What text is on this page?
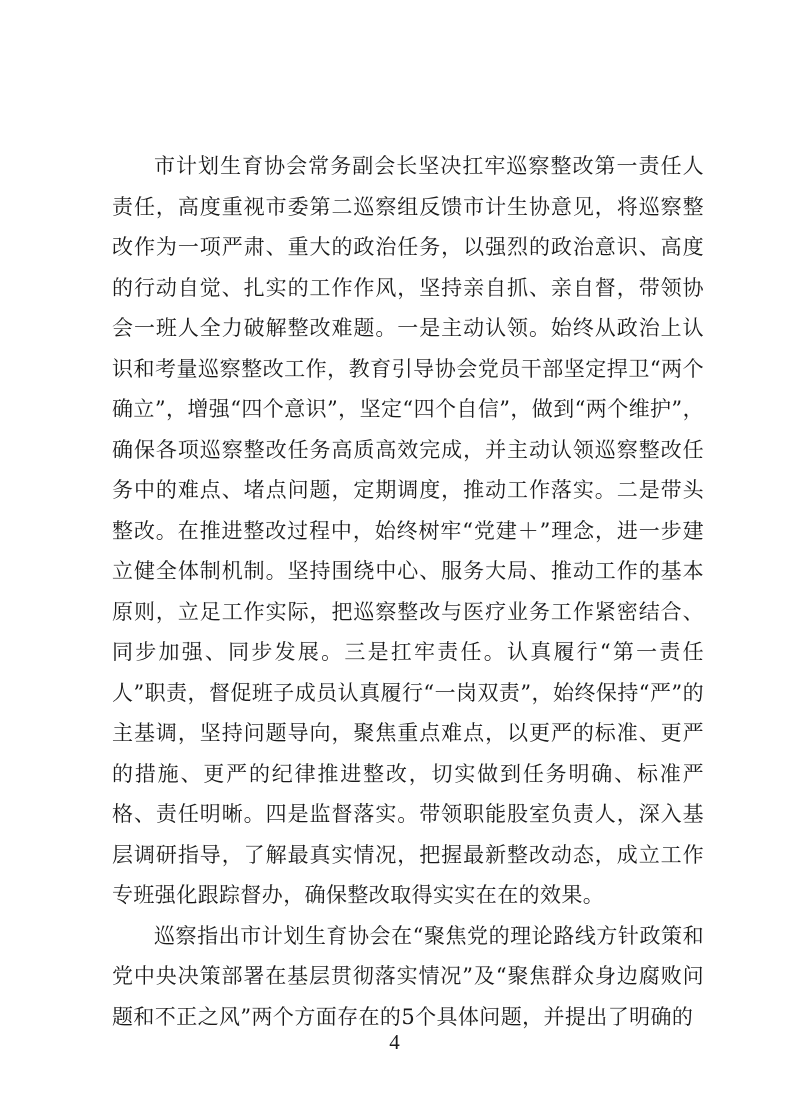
市计划生育协会常务副会长坚决扛牢巡察整改第一责任人责任，高度重视市委第二巡察组反馈市计生协意见，将巡察整改作为一项严肃、重大的政治任务，以强烈的政治意识、高度的行动自觉、扎实的工作作风，坚持亲自抓、亲自督，带领协会一班人全力破解整改难题。一是主动认领。始终从政治上认识和考量巡察整改工作，教育引导协会党员干部坚定捍卫“两个确立”，增强“四个意识”，坚定“四个自信”，做到“两个维护”，确保各项巡察整改任务高质高效完成，并主动认领巡察整改任务中的难点、堵点问题，定期调度，推动工作落实。二是带头整改。在推进整改过程中，始终树牢“党建＋”理念，进一步建立健全体制机制。坚持围绕中心、服务大局、推动工作的基本原则，立足工作实际，把巡察整改与医疗业务工作紧密结合、同步加强、同步发展。三是扛牢责任。认真履行“第一责任人”职责，督促班子成员认真履行“一岗双责”，始终保持“严”的主基调，坚持问题导向，聚焦重点难点，以更严的标准、更严的措施、更严的纪律推进整改，切实做到任务明确、标准严格、责任明晰。四是监督落实。带领职能股室负责人，深入基层调研指导，了解最真实情况，把握最新整改动态，成立工作专班强化跟踪督办，确保整改取得实实在在的效果。

巡察指出市计划生育协会在“聚焦党的理论路线方针政策和党中央决策部署在基层贯彻落实情况”及“聚焦群众身边腐败问题和不正之风”两个方面存在的5个具体问题，并提出了明确的

4
